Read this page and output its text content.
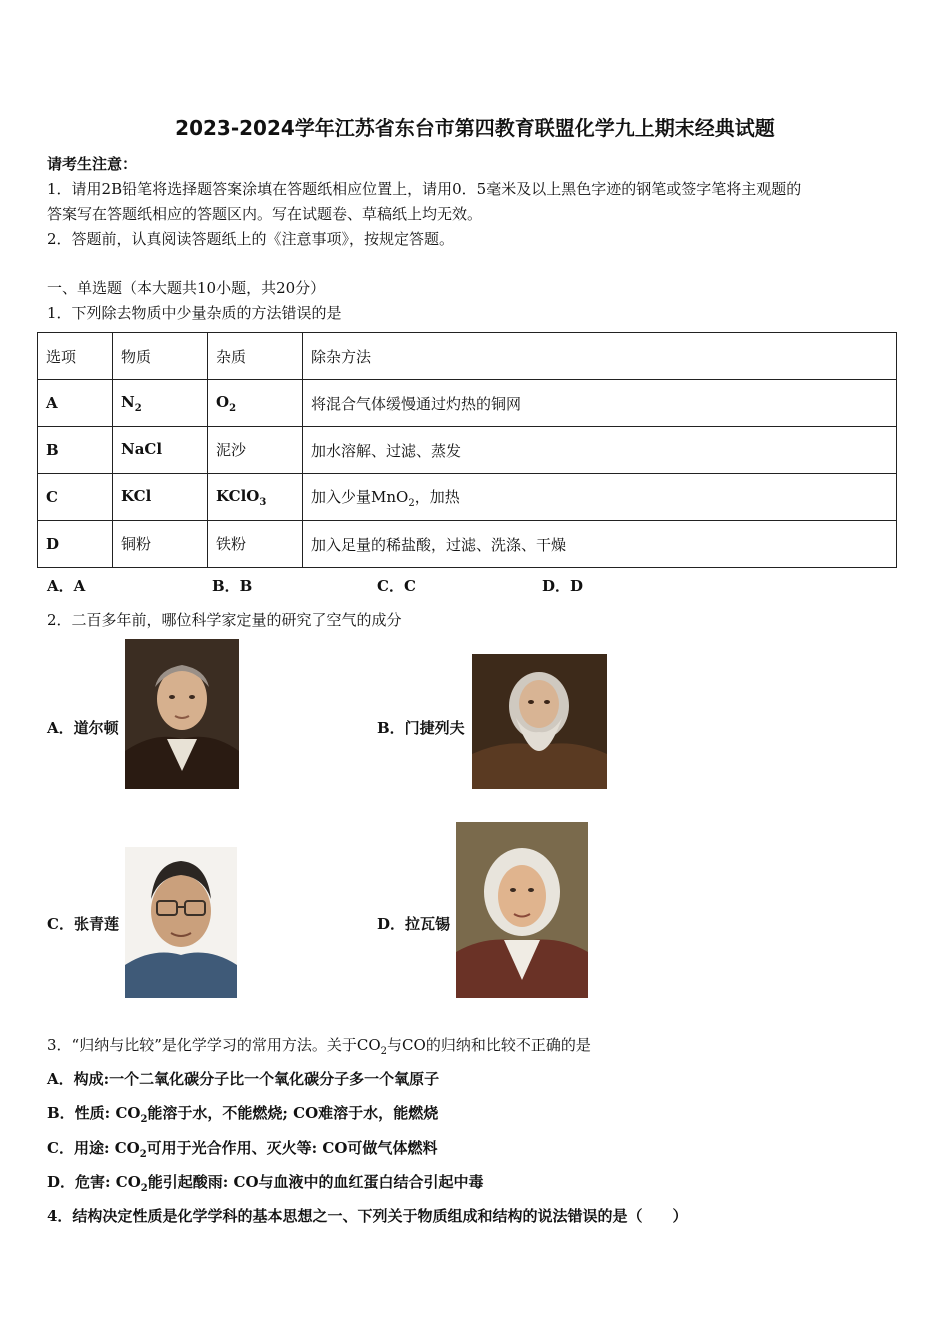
2023-2024学年江苏省东台市第四教育联盟化学九上期末经典试题
请考生注意：
1．请用2B铅笔将选择题答案涂填在答题纸相应位置上，请用0．5毫米及以上黑色字迹的钢笔或签字笔将主观题的
答案写在答题纸相应的答题区内。写在试题卷、草稿纸上均无效。
2．答题前，认真阅读答题纸上的《注意事项》，按规定答题。
一、单选题（本大题共10小题，共20分）
1．下列除去物质中少量杂质的方法错误的是
选项	物质	杂质	除杂方法
A	$N_2$	$O_2$	将混合气体缓慢通过灼热的铜网
B	NaCl	泥沙	加水溶解、过滤、蒸发
C	KCl	KClO$_3$	加入少量MnO$_2$，加热
D	铜粉	铁粉	加入足量的稀盐酸，过滤、洗涤、干燥
A．A	B．B	C．C	D．D
2．二百多年前，哪位科学家定量的研究了空气的成分
A．道尔顿	B．门捷列夫
C．张青莲	D．拉瓦锡
3．“归纳与比较”是化学学习的常用方法。关于$CO_2$与CO的归纳和比较不正确的是
A．构成:一个二氧化碳分子比一个氧化碳分子多一个氧原子
B．性质: $CO_2$能溶于水，不能燃烧; CO难溶于水，能燃烧
C．用途: $CO_2$可用于光合作用、灭火等: CO可做气体燃料
D．危害: $CO_2$能引起酸雨: CO与血液中的血红蛋白结合引起中毒
4．结构决定性质是化学学科的基本思想之一、下列关于物质组成和结构的说法错误的是（　　）
